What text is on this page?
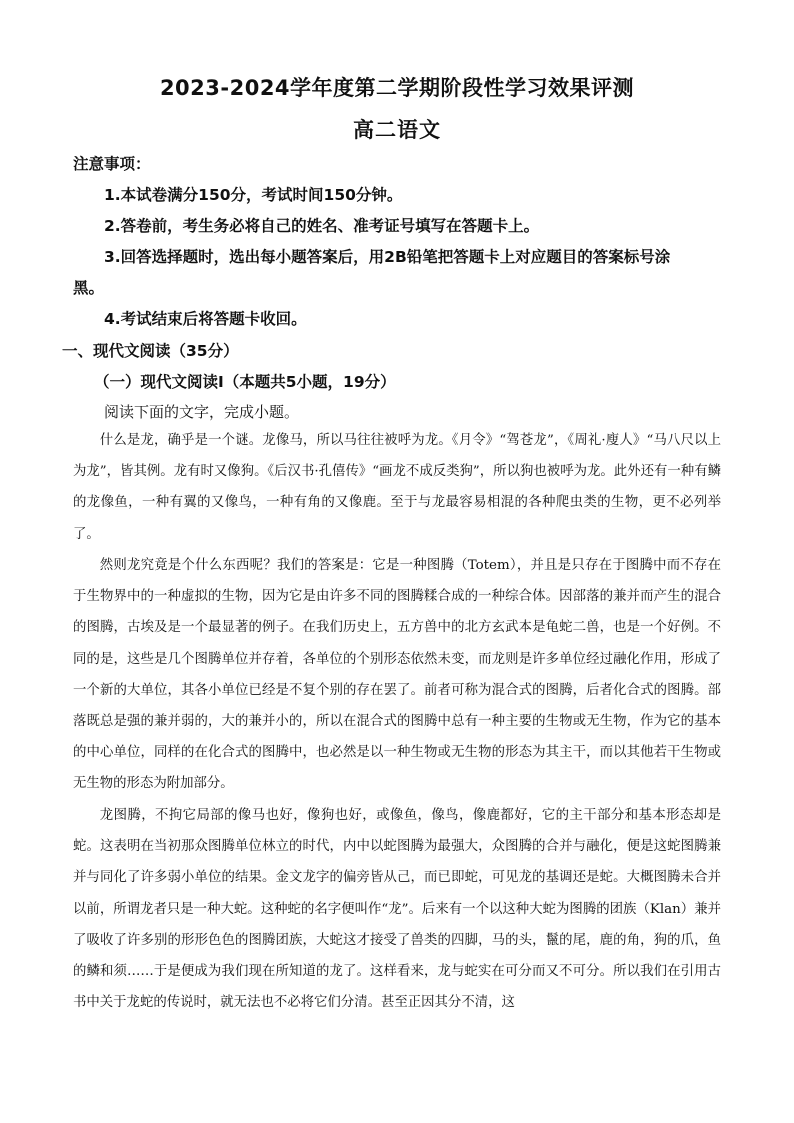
2023-2024学年度第二学期阶段性学习效果评测
高二语文
注意事项：
1.本试卷满分150分，考试时间150分钟。
2.答卷前，考生务必将自己的姓名、准考证号填写在答题卡上。
3.回答选择题时，选出每小题答案后，用2B铅笔把答题卡上对应题目的答案标号涂
黑。
4.考试结束后将答题卡收回。
一、现代文阅读（35分）
（一）现代文阅读Ⅰ（本题共5小题，19分）
阅读下面的文字，完成小题。
什么是龙，确乎是一个谜。龙像马，所以马往往被呼为龙。《月令》“驾苍龙”，《周礼·廋人》“马八尺以上为龙”，皆其例。龙有时又像狗。《后汉书·孔僖传》“画龙不成反类狗”，所以狗也被呼为龙。此外还有一种有鳞的龙像鱼，一种有翼的又像鸟，一种有角的又像鹿。至于与龙最容易相混的各种爬虫类的生物，更不必列举了。
然则龙究竟是个什么东西呢？我们的答案是：它是一种图腾（Totem），并且是只存在于图腾中而不存在于生物界中的一种虚拟的生物，因为它是由许多不同的图腾糅合成的一种综合体。因部落的兼并而产生的混合的图腾，古埃及是一个最显著的例子。在我们历史上，五方兽中的北方玄武本是龟蛇二兽，也是一个好例。不同的是，这些是几个图腾单位并存着，各单位的个别形态依然未变，而龙则是许多单位经过融化作用，形成了一个新的大单位，其各小单位已经是不复个别的存在罢了。前者可称为混合式的图腾，后者化合式的图腾。部落既总是强的兼并弱的，大的兼并小的，所以在混合式的图腾中总有一种主要的生物或无生物，作为它的基本的中心单位，同样的在化合式的图腾中，也必然是以一种生物或无生物的形态为其主干，而以其他若干生物或无生物的形态为附加部分。
龙图腾，不拘它局部的像马也好，像狗也好，或像鱼，像鸟，像鹿都好，它的主干部分和基本形态却是蛇。这表明在当初那众图腾单位林立的时代，内中以蛇图腾为最强大，众图腾的合并与融化，便是这蛇图腾兼并与同化了许多弱小单位的结果。金文龙字的偏旁皆从己，而已即蛇，可见龙的基调还是蛇。大概图腾未合并以前，所谓龙者只是一种大蛇。这种蛇的名字便叫作“龙”。后来有一个以这种大蛇为图腾的团族（Klan）兼并了吸收了许多别的形形色色的图腾团族，大蛇这才接受了兽类的四脚，马的头，鬣的尾，鹿的角，狗的爪，鱼的鳞和须……于是便成为我们现在所知道的龙了。这样看来，龙与蛇实在可分而又不可分。所以我们在引用古书中关于龙蛇的传说时，就无法也不必将它们分清。甚至正因其分不清，这
